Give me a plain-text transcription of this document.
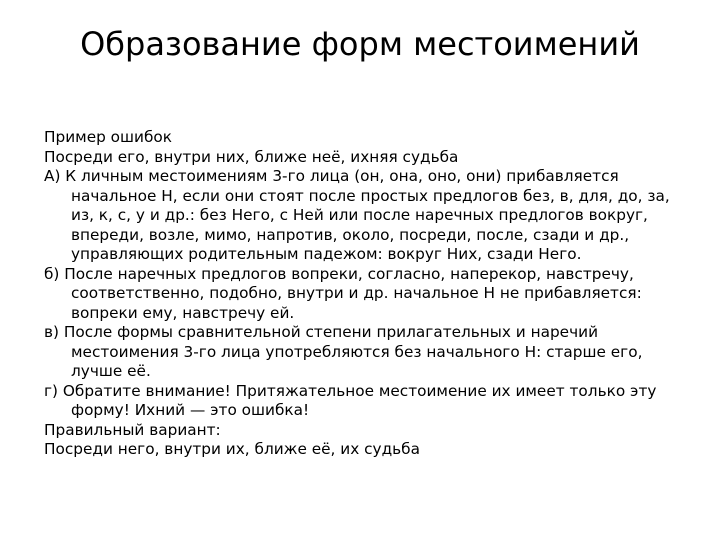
Образование форм местоимений

Пример ошибок

Посреди его, внутри них, ближе неё, ихняя судьба

А) К личным местоимениям 3-го лица (он, она, оно, они) прибавляется начальное Н, если они стоят после простых предлогов без, в, для, до, за, из, к, с, у и др.: без Него, с Ней или после наречных предлогов вокруг, впереди, возле, мимо, напротив, около, посреди, после, сзади и др., управляющих родительным падежом: вокруг Них, сзади Него.

б) После наречных предлогов вопреки, согласно, наперекор, навстречу, соответственно, подобно, внутри и др. начальное Н не прибавляется: вопреки ему, навстречу ей.

в) После формы сравнительной степени прилагательных и наречий местоимения 3-го лица употребляются без начального Н: старше его, лучше её.

г) Обратите внимание! Притяжательное местоимение их имеет только эту форму! Ихний — это ошибка!

Правильный вариант:

Посреди него, внутри их, ближе её, их судьба
